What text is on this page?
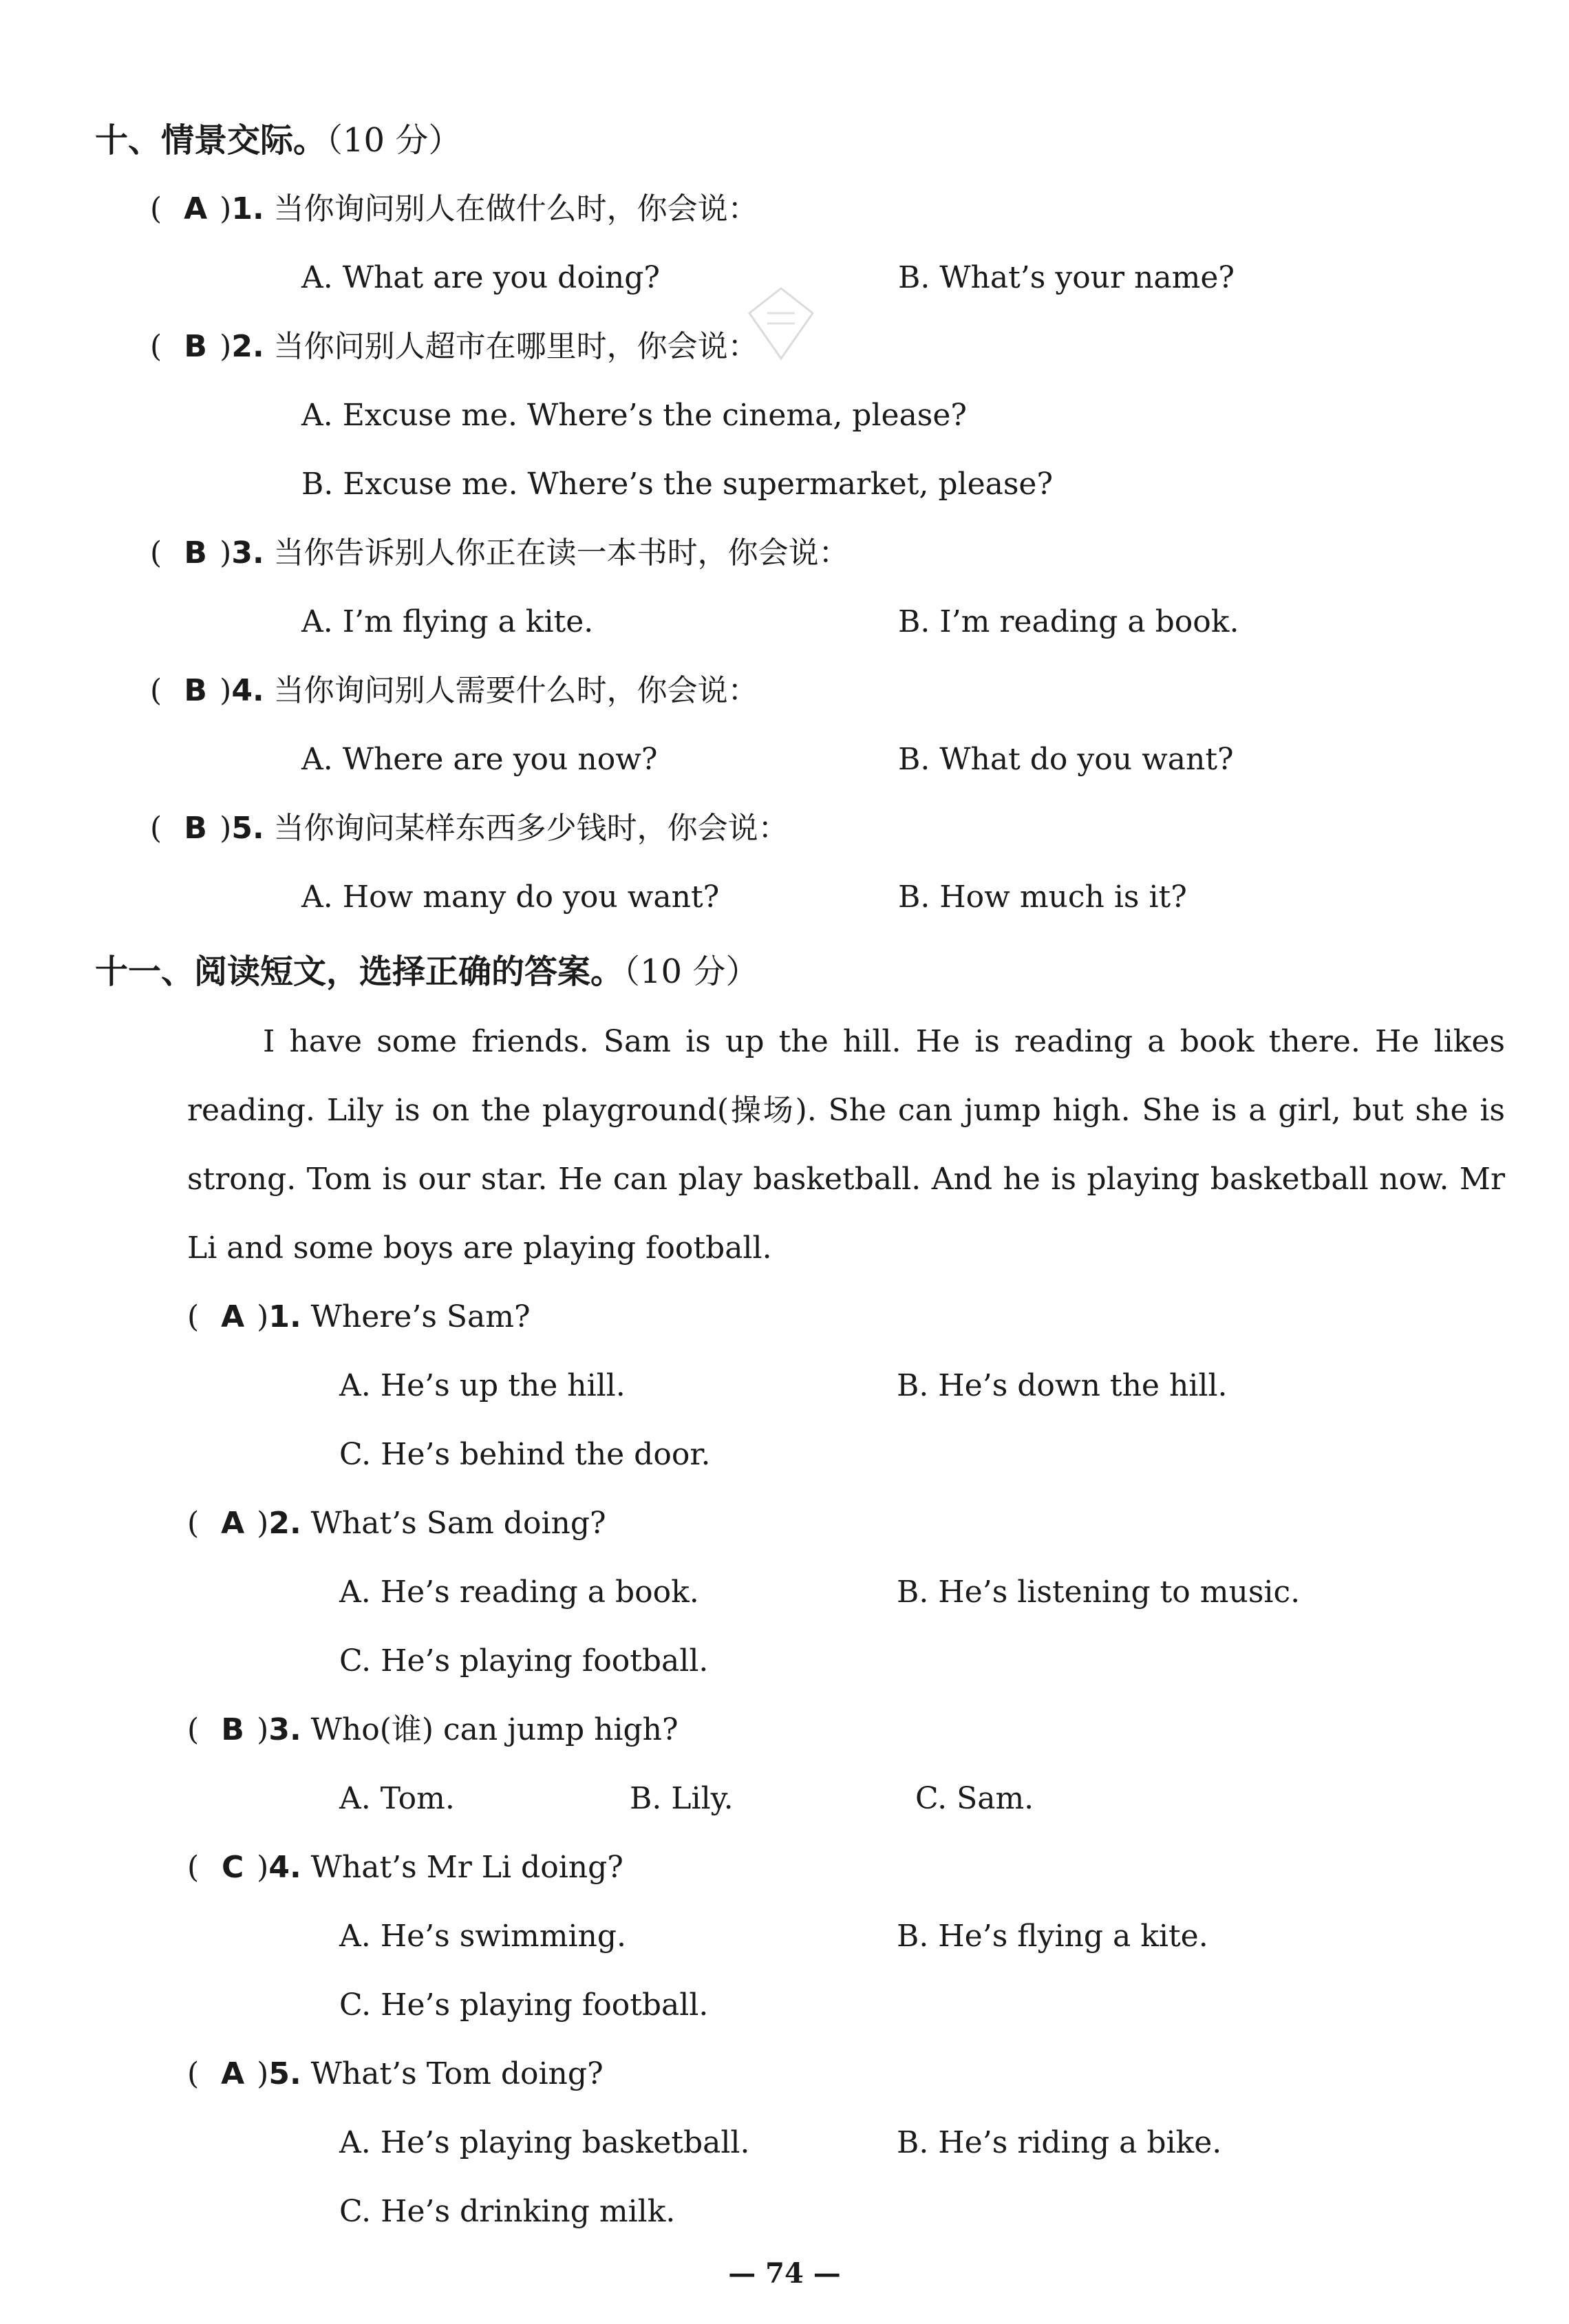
十、情景交际。（10 分）
( A )1. 当你询问别人在做什么时，你会说：
A. What are you doing?	B. What’s your name?
( B )2. 当你问别人超市在哪里时，你会说：
A. Excuse me. Where’s the cinema, please?
B. Excuse me. Where’s the supermarket, please?
( B )3. 当你告诉别人你正在读一本书时，你会说：
A. I’m flying a kite.	B. I’m reading a book.
( B )4. 当你询问别人需要什么时，你会说：
A. Where are you now?	B. What do you want?
( B )5. 当你询问某样东西多少钱时，你会说：
A. How many do you want?	B. How much is it?
十一、阅读短文，选择正确的答案。（10 分）
I have some friends. Sam is up the hill. He is reading a book there. He likes reading. Lily is on the playground(操场). She can jump high. She is a girl, but she is strong. Tom is our star. He can play basketball. And he is playing basketball now. Mr Li and some boys are playing football.
( A )1. Where’s Sam?
A. He’s up the hill.	B. He’s down the hill.
C. He’s behind the door.
( A )2. What’s Sam doing?
A. He’s reading a book.	B. He’s listening to music.
C. He’s playing football.
( B )3. Who(谁) can jump high?
A. Tom.	B. Lily.	C. Sam.
( C )4. What’s Mr Li doing?
A. He’s swimming.	B. He’s flying a kite.
C. He’s playing football.
( A )5. What’s Tom doing?
A. He’s playing basketball.	B. He’s riding a bike.
C. He’s drinking milk.
— 74 —
